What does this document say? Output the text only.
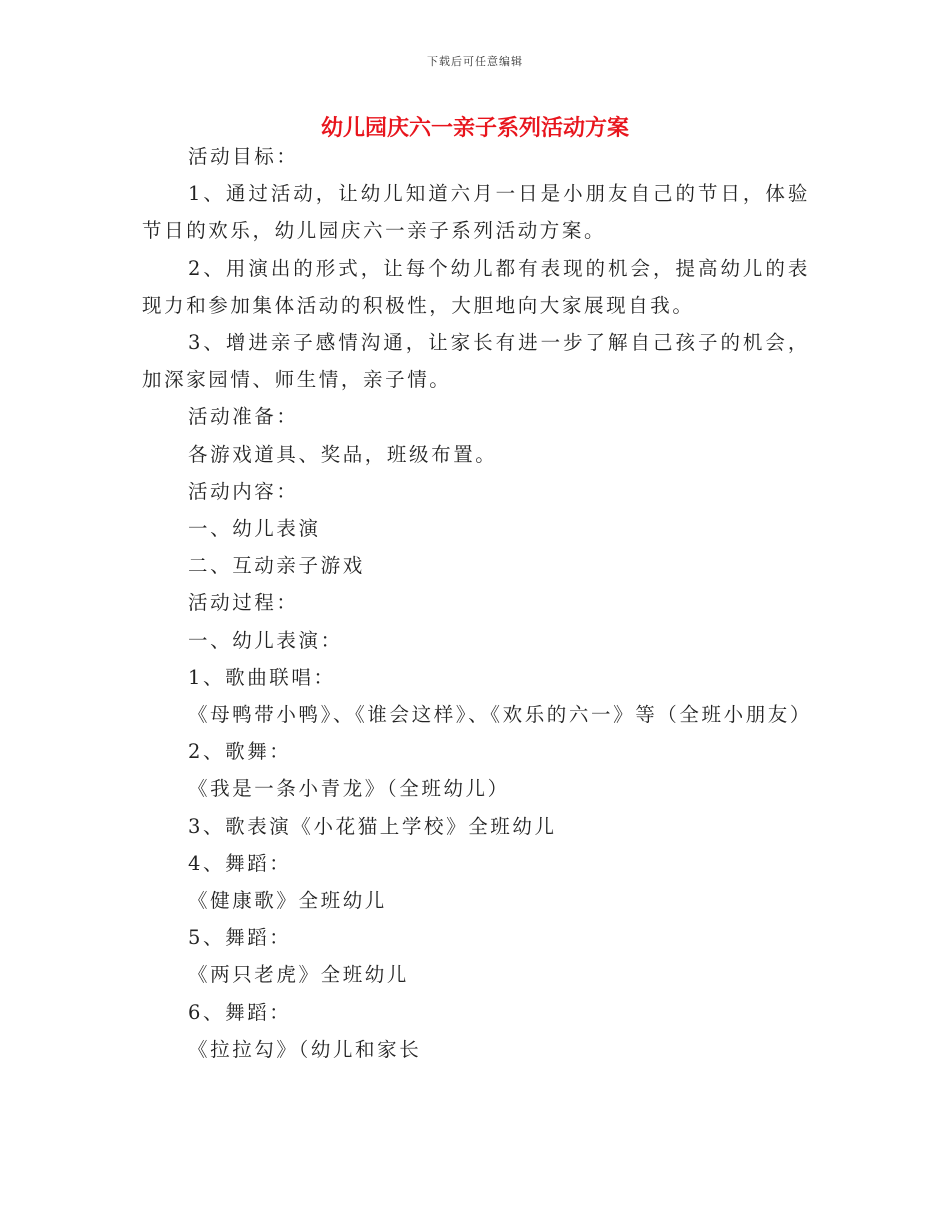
下载后可任意编辑
幼儿园庆六一亲子系列活动方案

活动目标：

1、通过活动，让幼儿知道六月一日是小朋友自己的节日，体验节日的欢乐，幼儿园庆六一亲子系列活动方案。

2、用演出的形式，让每个幼儿都有表现的机会，提高幼儿的表现力和参加集体活动的积极性，大胆地向大家展现自我。

3、增进亲子感情沟通，让家长有进一步了解自己孩子的机会，加深家园情、师生情，亲子情。

活动准备：

各游戏道具、奖品，班级布置。

活动内容：

一、幼儿表演

二、互动亲子游戏

活动过程：

一、幼儿表演：

1、歌曲联唱：

《母鸭带小鸭》、《谁会这样》、《欢乐的六一》等（全班小朋友）

2、歌舞：

《我是一条小青龙》（全班幼儿）

3、歌表演《小花猫上学校》全班幼儿

4、舞蹈：

《健康歌》全班幼儿

5、舞蹈：

《两只老虎》全班幼儿

6、舞蹈：

《拉拉勾》（幼儿和家长
